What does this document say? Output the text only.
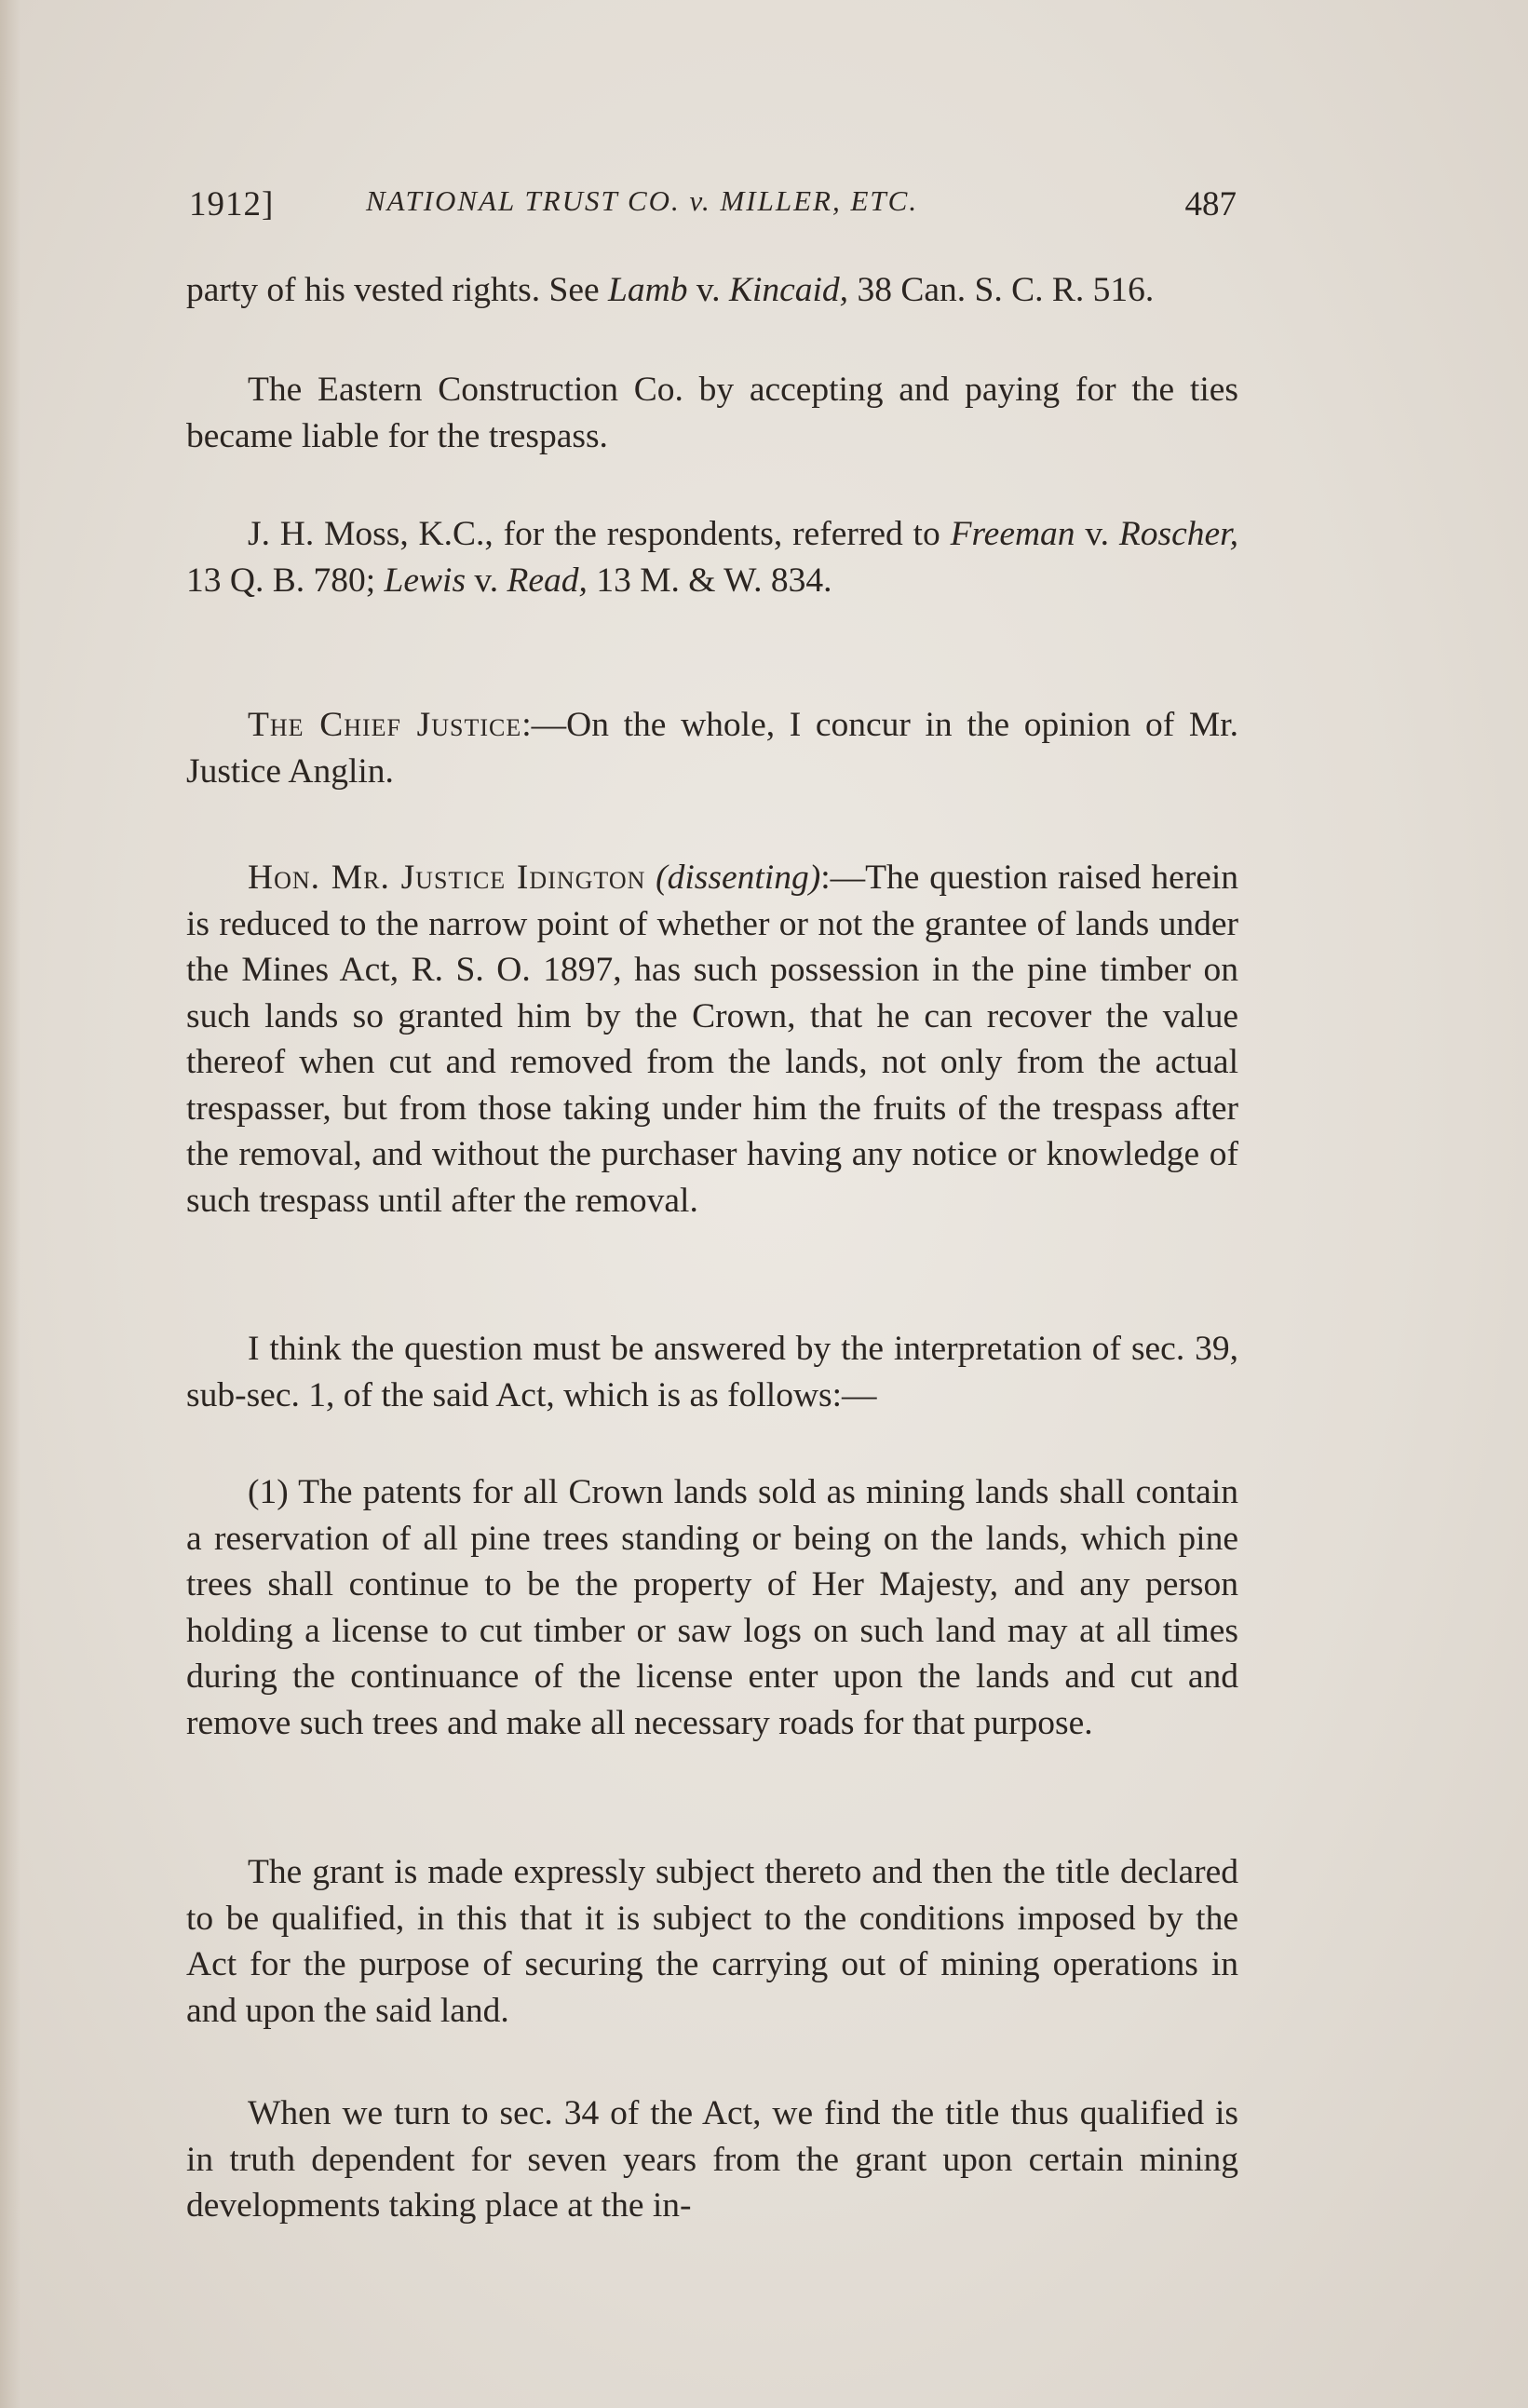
1912]	NATIONAL TRUST CO. v. MILLER, ETC.	487

party of his vested rights. See Lamb v. Kincaid, 38 Can. S. C. R. 516.

The Eastern Construction Co. by accepting and paying for the ties became liable for the trespass.

J. H. Moss, K.C., for the respondents, referred to Freeman v. Roscher, 13 Q. B. 780; Lewis v. Read, 13 M. & W. 834.

The Chief Justice:—On the whole, I concur in the opinion of Mr. Justice Anglin.

Hon. Mr. Justice Idington (dissenting):—The question raised herein is reduced to the narrow point of whether or not the grantee of lands under the Mines Act, R. S. O. 1897, has such possession in the pine timber on such lands so granted him by the Crown, that he can recover the value thereof when cut and removed from the lands, not only from the actual trespasser, but from those taking under him the fruits of the trespass after the removal, and without the purchaser having any notice or knowledge of such trespass until after the removal.

I think the question must be answered by the interpretation of sec. 39, sub-sec. 1, of the said Act, which is as follows:—

(1) The patents for all Crown lands sold as mining lands shall contain a reservation of all pine trees standing or being on the lands, which pine trees shall continue to be the property of Her Majesty, and any person holding a license to cut timber or saw logs on such land may at all times during the continuance of the license enter upon the lands and cut and remove such trees and make all necessary roads for that purpose.

The grant is made expressly subject thereto and then the title declared to be qualified, in this that it is subject to the conditions imposed by the Act for the purpose of securing the carrying out of mining operations in and upon the said land.

When we turn to sec. 34 of the Act, we find the title thus qualified is in truth dependent for seven years from the grant upon certain mining developments taking place at the in-
